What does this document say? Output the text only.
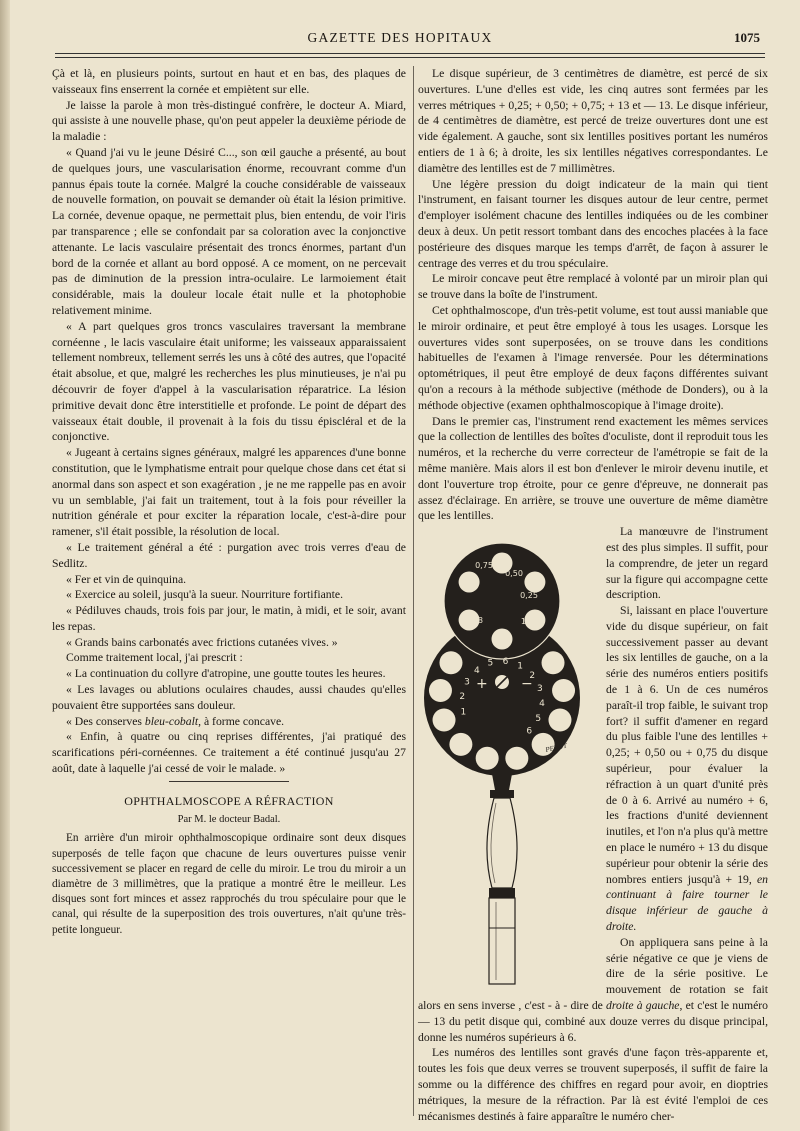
GAZETTE DES HOPITAUX	1075

Çà et là, en plusieurs points, surtout en haut et en bas, des plaques de vaisseaux fins enserrent la cornée et empiètent sur elle.

Je laisse la parole à mon très-distingué confrère, le docteur A. Miard, qui assiste à une nouvelle phase, qu'on peut appeler la deuxième période de la maladie :

« Quand j'ai vu le jeune Désiré C..., son œil gauche a présenté, au bout de quelques jours, une vascularisation énorme, recouvrant comme d'un pannus épais toute la cornée. Malgré la couche considérable de vaisseaux de nouvelle formation, on pouvait se demander où était la lésion primitive. La cornée, devenue opaque, ne permettait plus, bien entendu, de voir l'iris par transparence ; elle se confondait par sa coloration avec la conjonctive attenante. Le lacis vasculaire présentait des troncs énormes, partant d'un bord de la cornée et allant au bord opposé. A ce moment, on ne percevait pas de diminution de la pression intra-oculaire. Le larmoiement était considérable, mais la douleur locale était nulle et la photophobie relativement minime.

« A part quelques gros troncs vasculaires traversant la membrane cornéenne , le lacis vasculaire était uniforme; les vaisseaux apparaissaient tellement nombreux, tellement serrés les uns à côté des autres, que l'opacité était absolue, et que, malgré les recherches les plus minutieuses, je n'ai pu découvrir de foyer d'appel à la vascularisation réparatrice. La lésion primitive devait donc être interstitielle et profonde. Le point de départ des vaisseaux était double, il provenait à la fois du tissu épiscléral et de la conjonctive.

« Jugeant à certains signes généraux, malgré les apparences d'une bonne constitution, que le lymphatisme entrait pour quelque chose dans cet état si anormal dans son aspect et son exagération , je ne me rappelle pas en avoir vu un semblable, j'ai fait un traitement, tout à la fois pour réveiller la nutrition générale et pour exciter la réparation locale, c'est-à-dire pour ramener, s'il était possible, la résolution de local.

« Le traitement général a été : purgation avec trois verres d'eau de Sedlitz.

« Fer et vin de quinquina.

« Exercice au soleil, jusqu'à la sueur. Nourriture fortifiante.

« Pédiluves chauds, trois fois par jour, le matin, à midi, et le soir, avant les repas.

« Grands bains carbonatés avec frictions cutanées vives. »

Comme traitement local, j'ai prescrit :

« La continuation du collyre d'atropine, une goutte toutes les heures.

« Les lavages ou ablutions oculaires chaudes, aussi chaudes qu'elles pouvaient être supportées sans douleur.

« Des conserves bleu-cobalt, à forme concave.

« Enfin, à quatre ou cinq reprises différentes, j'ai pratiqué des scarifications péri-cornéennes. Ce traitement a été continué jusqu'au 27 août, date à laquelle j'ai cessé de voir le malade. »

OPHTHALMOSCOPE A RÉFRACTION
Par M. le docteur Badal.

En arrière d'un miroir ophthalmoscopique ordinaire sont deux disques superposés de telle façon que chacune de leurs ouvertures puisse venir successivement se placer en regard de celle du miroir. Le trou du miroir a un diamètre de 3 millimètres, que la pratique a montré être le meilleur. Les disques sont fort minces et assez rapprochés du trou spéculaire pour que le canal, qui résulte de la superposition des trois ouvertures, n'ait qu'une très-petite longueur.

Le disque supérieur, de 3 centimètres de diamètre, est percé de six ouvertures. L'une d'elles est vide, les cinq autres sont fermées par les verres métriques + 0,25; + 0,50; + 0,75; + 13 et — 13. Le disque inférieur, de 4 centimètres de diamètre, est percé de treize ouvertures dont une est vide également. A gauche, sont six lentilles positives portant les numéros entiers de 1 à 6; à droite, les six lentilles négatives correspondantes. Le diamètre des lentilles est de 7 millimètres.

Une légère pression du doigt indicateur de la main qui tient l'instrument, en faisant tourner les disques autour de leur centre, permet d'employer isolément chacune des lentilles indiquées ou de les combiner deux à deux. Un petit ressort tombant dans des encoches placées à la face postérieure des disques marque les temps d'arrêt, de façon à assurer le centrage des verres et du trou spéculaire.

Le miroir concave peut être remplacé à volonté par un miroir plan qui se trouve dans la boîte de l'instrument.

Cet ophthalmoscope, d'un très-petit volume, est tout aussi maniable que le miroir ordinaire, et peut être employé à tous les usages. Lorsque les ouvertures vides sont superposées, on se trouve dans les conditions habituelles de l'examen à l'image renversée. Pour les déterminations optométriques, il peut être employé de deux façons différentes suivant qu'on a recours à la méthode subjective (méthode de Donders), ou à la méthode objective (examen ophthalmoscopique à l'image droite).

Dans le premier cas, l'instrument rend exactement les mêmes services que la collection de lentilles des boîtes d'oculiste, dont il reproduit tous les numéros, et la recherche du verre correcteur de l'amétropie se fait de la même manière. Mais alors il est bon d'enlever le miroir devenu inutile, et dont l'ouverture trop étroite, pour ce genre d'épreuve, ne donnerait pas assez d'éclairage. En arrière, se trouve une ouverture de même diamètre que les lentilles.

+ −
0,75
0,50
0,25
13	13
1
2
3
4
5 6 1
2
3
4
5
6
PEROT

La manœuvre de l'instrument est des plus simples. Il suffit, pour la comprendre, de jeter un regard sur la figure qui accompagne cette description.

Si, laissant en place l'ouverture vide du disque supérieur, on fait successivement passer au devant les six lentilles de gauche, on a la série des numéros entiers positifs de 1 à 6. Un de ces numéros paraît-il trop faible, le suivant trop fort? il suffit d'amener en regard du plus faible l'une des lentilles + 0,25; + 0,50 ou + 0,75 du disque supérieur, pour évaluer la réfraction à un quart d'unité près de 0 à 6. Arrivé au numéro + 6, les fractions d'unité deviennent inutiles, et l'on n'a plus qu'à mettre en place le numéro + 13 du disque supérieur pour obtenir la série des nombres entiers jusqu'à + 19, en continuant à faire tourner le disque inférieur de gauche à droite.

On appliquera sans peine à la série négative ce que je viens de dire de la série positive. Le mouvement de rotation se fait alors en sens inverse , c'est - à - dire de droite à gauche, et c'est le numéro — 13 du petit disque qui, combiné aux douze verres du disque principal, donne les numéros supérieurs à 6.

Les numéros des lentilles sont gravés d'une façon très-apparente et, toutes les fois que deux verres se trouvent superposés, il suffit de faire la somme ou la différence des chiffres en regard pour avoir, en dioptries métriques, la mesure de la réfraction. Par là est évité l'emploi de ces mécanismes destinés à faire apparaître le numéro cher-
